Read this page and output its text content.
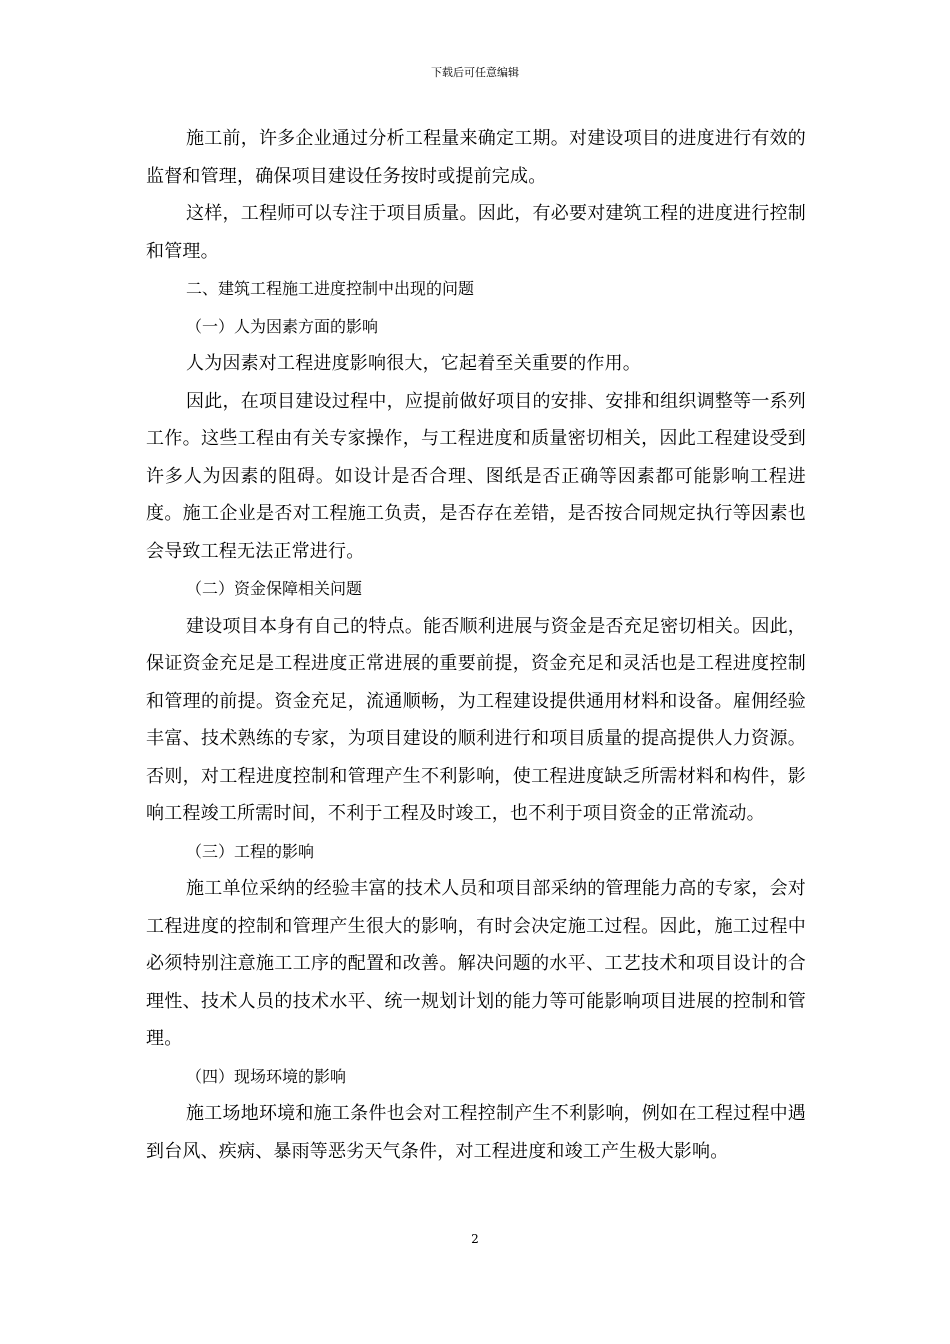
下载后可任意编辑

施工前，许多企业通过分析工程量来确定工期。对建设项目的进度进行有效的监督和管理，确保项目建设任务按时或提前完成。

这样，工程师可以专注于项目质量。因此，有必要对建筑工程的进度进行控制和管理。

二、建筑工程施工进度控制中出现的问题

（一）人为因素方面的影响

人为因素对工程进度影响很大，它起着至关重要的作用。

因此，在项目建设过程中，应提前做好项目的安排、安排和组织调整等一系列工作。这些工程由有关专家操作，与工程进度和质量密切相关，因此工程建设受到许多人为因素的阻碍。如设计是否合理、图纸是否正确等因素都可能影响工程进度。施工企业是否对工程施工负责，是否存在差错，是否按合同规定执行等因素也会导致工程无法正常进行。

（二）资金保障相关问题

建设项目本身有自己的特点。能否顺利进展与资金是否充足密切相关。因此，保证资金充足是工程进度正常进展的重要前提，资金充足和灵活也是工程进度控制和管理的前提。资金充足，流通顺畅，为工程建设提供通用材料和设备。雇佣经验丰富、技术熟练的专家，为项目建设的顺利进行和项目质量的提高提供人力资源。否则，对工程进度控制和管理产生不利影响，使工程进度缺乏所需材料和构件，影响工程竣工所需时间，不利于工程及时竣工，也不利于项目资金的正常流动。

（三）工程的影响

施工单位采纳的经验丰富的技术人员和项目部采纳的管理能力高的专家，会对工程进度的控制和管理产生很大的影响，有时会决定施工过程。因此，施工过程中必须特别注意施工工序的配置和改善。解决问题的水平、工艺技术和项目设计的合理性、技术人员的技术水平、统一规划计划的能力等可能影响项目进展的控制和管理。

（四）现场环境的影响

施工场地环境和施工条件也会对工程控制产生不利影响，例如在工程过程中遇到台风、疾病、暴雨等恶劣天气条件，对工程进度和竣工产生极大影响。

2
